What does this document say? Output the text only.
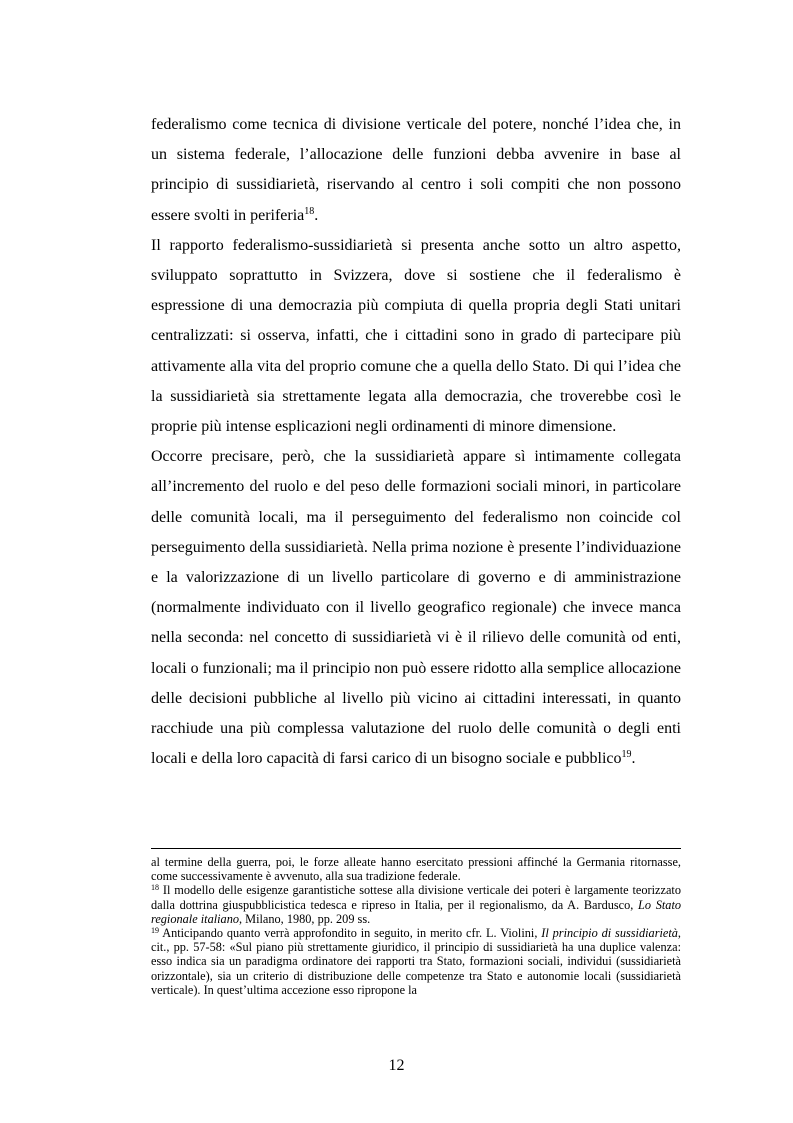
federalismo come tecnica di divisione verticale del potere, nonché l’idea che, in un sistema federale, l’allocazione delle funzioni debba avvenire in base al principio di sussidiarietà, riservando al centro i soli compiti che non possono essere svolti in periferia$^{18}$.

Il rapporto federalismo-sussidiarietà si presenta anche sotto un altro aspetto, sviluppato soprattutto in Svizzera, dove si sostiene che il federalismo è espressione di una democrazia più compiuta di quella propria degli Stati unitari centralizzati: si osserva, infatti, che i cittadini sono in grado di partecipare più attivamente alla vita del proprio comune che a quella dello Stato. Di qui l’idea che la sussidiarietà sia strettamente legata alla democrazia, che troverebbe così le proprie più intense esplicazioni negli ordinamenti di minore dimensione.

Occorre precisare, però, che la sussidiarietà appare sì intimamente collegata all’incremento del ruolo e del peso delle formazioni sociali minori, in particolare delle comunità locali, ma il perseguimento del federalismo non coincide col perseguimento della sussidiarietà. Nella prima nozione è presente l’individuazione e la valorizzazione di un livello particolare di governo e di amministrazione (normalmente individuato con il livello geografico regionale) che invece manca nella seconda: nel concetto di sussidiarietà vi è il rilievo delle comunità od enti, locali o funzionali; ma il principio non può essere ridotto alla semplice allocazione delle decisioni pubbliche al livello più vicino ai cittadini interessati, in quanto racchiude una più complessa valutazione del ruolo delle comunità o degli enti locali e della loro capacità di farsi carico di un bisogno sociale e pubblico$^{19}$.

al termine della guerra, poi, le forze alleate hanno esercitato pressioni affinché la Germania ritornasse, come successivamente è avvenuto, alla sua tradizione federale.

$^{18}$ Il modello delle esigenze garantistiche sottese alla divisione verticale dei poteri è largamente teorizzato dalla dottrina giuspubblicistica tedesca e ripreso in Italia, per il regionalismo, da A. Bardusco, Lo Stato regionale italiano, Milano, 1980, pp. 209 ss.

$^{19}$ Anticipando quanto verrà approfondito in seguito, in merito cfr. L. Violini, Il principio di sussidiarietà, cit., pp. 57-58: «Sul piano più strettamente giuridico, il principio di sussidiarietà ha una duplice valenza: esso indica sia un paradigma ordinatore dei rapporti tra Stato, formazioni sociali, individui (sussidiarietà orizzontale), sia un criterio di distribuzione delle competenze tra Stato e autonomie locali (sussidiarietà verticale). In quest’ultima accezione esso ripropone la

12
